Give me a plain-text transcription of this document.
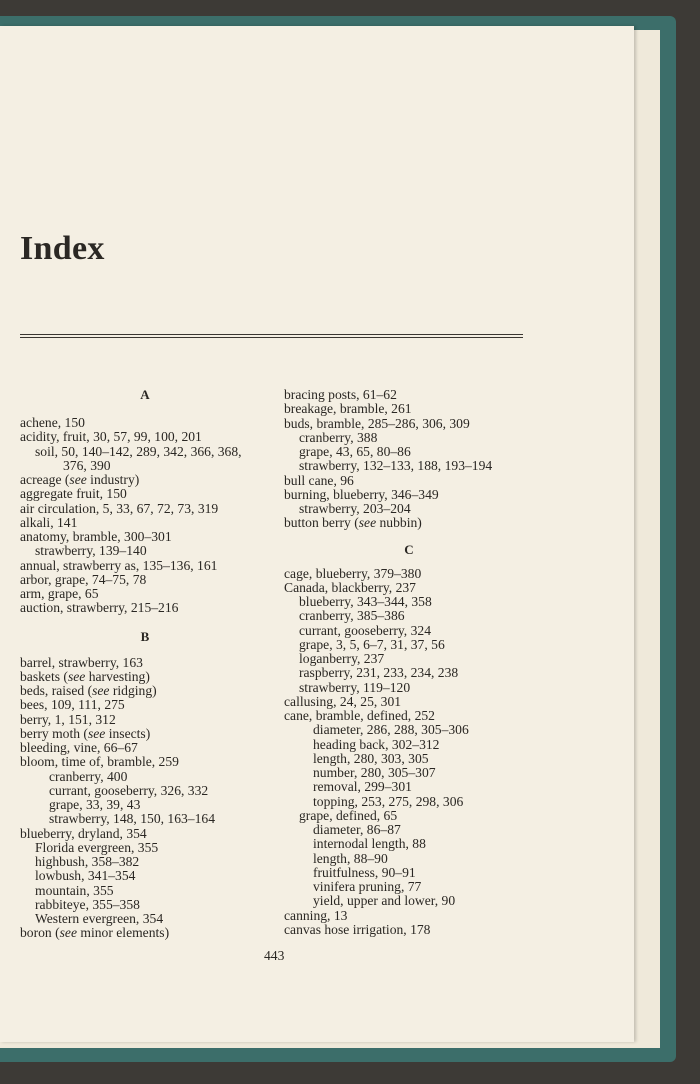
Index
A
achene, 150
acidity, fruit, 30, 57, 99, 100, 201
soil, 50, 140–142, 289, 342, 366, 368,
376, 390
acreage (see industry)
aggregate fruit, 150
air circulation, 5, 33, 67, 72, 73, 319
alkali, 141
anatomy, bramble, 300–301
strawberry, 139–140
annual, strawberry as, 135–136, 161
arbor, grape, 74–75, 78
arm, grape, 65
auction, strawberry, 215–216
B
barrel, strawberry, 163
baskets (see harvesting)
beds, raised (see ridging)
bees, 109, 111, 275
berry, 1, 151, 312
berry moth (see insects)
bleeding, vine, 66–67
bloom, time of, bramble, 259
cranberry, 400
currant, gooseberry, 326, 332
grape, 33, 39, 43
strawberry, 148, 150, 163–164
blueberry, dryland, 354
Florida evergreen, 355
highbush, 358–382
lowbush, 341–354
mountain, 355
rabbiteye, 355–358
Western evergreen, 354
boron (see minor elements)
bracing posts, 61–62
breakage, bramble, 261
buds, bramble, 285–286, 306, 309
cranberry, 388
grape, 43, 65, 80–86
strawberry, 132–133, 188, 193–194
bull cane, 96
burning, blueberry, 346–349
strawberry, 203–204
button berry (see nubbin)
C
cage, blueberry, 379–380
Canada, blackberry, 237
blueberry, 343–344, 358
cranberry, 385–386
currant, gooseberry, 324
grape, 3, 5, 6–7, 31, 37, 56
loganberry, 237
raspberry, 231, 233, 234, 238
strawberry, 119–120
callusing, 24, 25, 301
cane, bramble, defined, 252
diameter, 286, 288, 305–306
heading back, 302–312
length, 280, 303, 305
number, 280, 305–307
removal, 299–301
topping, 253, 275, 298, 306
grape, defined, 65
diameter, 86–87
internodal length, 88
length, 88–90
fruitfulness, 90–91
vinifera pruning, 77
yield, upper and lower, 90
canning, 13
canvas hose irrigation, 178
443
